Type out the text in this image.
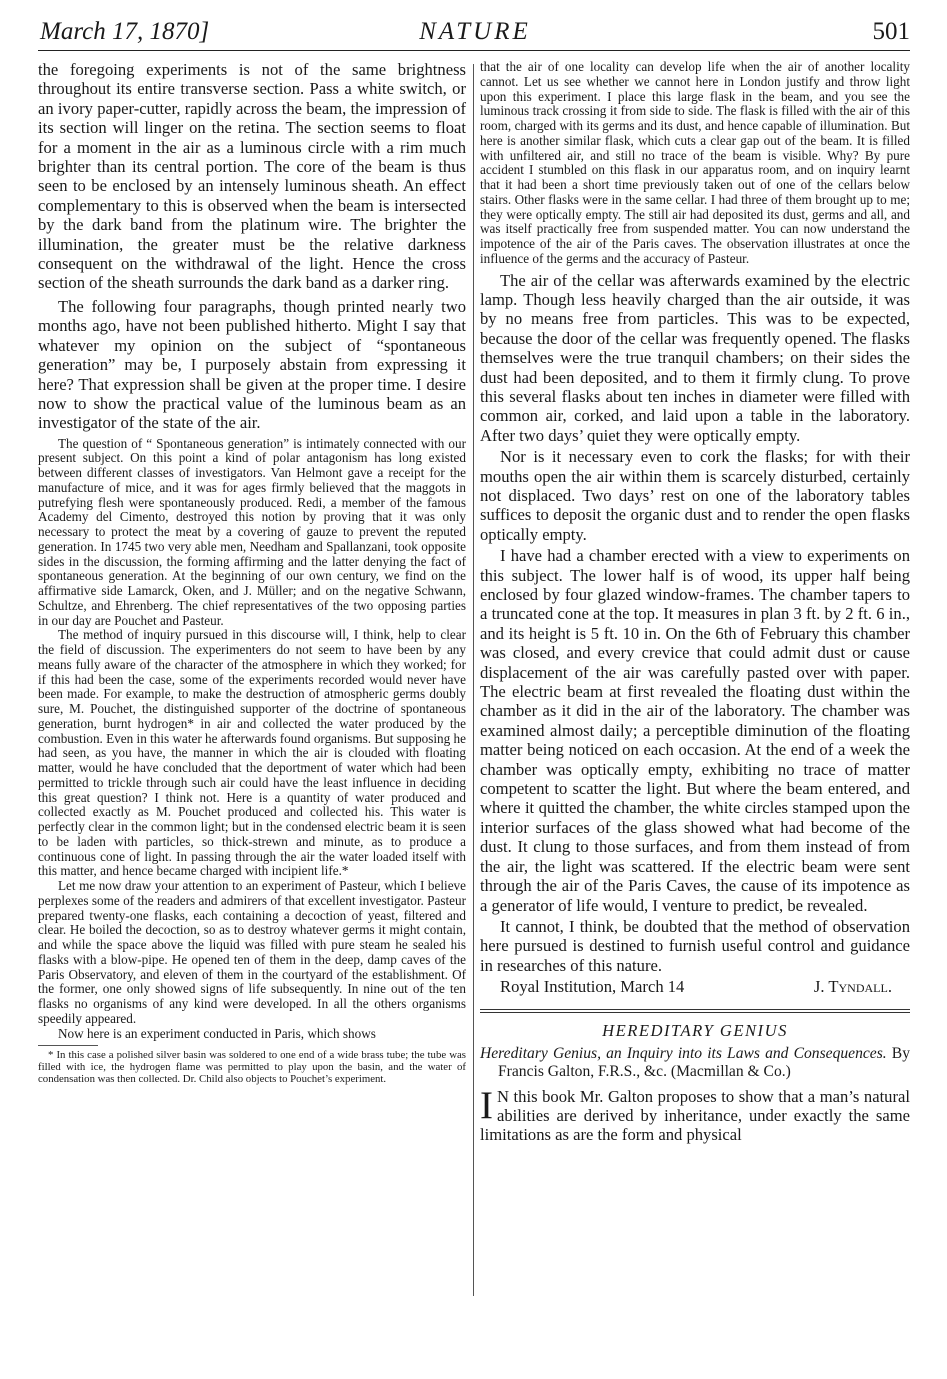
March 17, 1870]	NATURE	501

the foregoing experiments is not of the same brightness throughout its entire transverse section. Pass a white switch, or an ivory paper-cutter, rapidly across the beam, the impression of its section will linger on the retina. The section seems to float for a moment in the air as a luminous circle with a rim much brighter than its central portion. The core of the beam is thus seen to be enclosed by an intensely luminous sheath. An effect complementary to this is observed when the beam is intersected by the dark band from the platinum wire. The brighter the illumination, the greater must be the relative darkness consequent on the withdrawal of the light. Hence the cross section of the sheath surrounds the dark band as a darker ring.

The following four paragraphs, though printed nearly two months ago, have not been published hitherto. Might I say that whatever my opinion on the subject of “spontaneous generation” may be, I purposely abstain from expressing it here? That expression shall be given at the proper time. I desire now to show the practical value of the luminous beam as an investigator of the state of the air.

The question of “ Spontaneous generation” is intimately connected with our present subject. On this point a kind of polar antagonism has long existed between different classes of investigators. Van Helmont gave a receipt for the manufacture of mice, and it was for ages firmly believed that the maggots in putrefying flesh were spontaneously produced. Redi, a member of the famous Academy del Cimento, destroyed this notion by proving that it was only necessary to protect the meat by a covering of gauze to prevent the reputed generation. In 1745 two very able men, Needham and Spallanzani, took opposite sides in the discussion, the forming affirming and the latter denying the fact of spontaneous generation. At the beginning of our own century, we find on the affirmative side Lamarck, Oken, and J. Müller; and on the negative Schwann, Schultze, and Ehrenberg. The chief representatives of the two opposing parties in our day are Pouchet and Pasteur.

The method of inquiry pursued in this discourse will, I think, help to clear the field of discussion. The experimenters do not seem to have been by any means fully aware of the character of the atmosphere in which they worked; for if this had been the case, some of the experiments recorded would never have been made. For example, to make the destruction of atmospheric germs doubly sure, M. Pouchet, the distinguished supporter of the doctrine of spontaneous generation, burnt hydrogen* in air and collected the water produced by the combustion. Even in this water he afterwards found organisms. But supposing he had seen, as you have, the manner in which the air is clouded with floating matter, would he have concluded that the deportment of water which had been permitted to trickle through such air could have the least influence in deciding this great question? I think not. Here is a quantity of water produced and collected exactly as M. Pouchet produced and collected his. This water is perfectly clear in the common light; but in the condensed electric beam it is seen to be laden with particles, so thick-strewn and minute, as to produce a continuous cone of light. In passing through the air the water loaded itself with this matter, and hence became charged with incipient life.*

Let me now draw your attention to an experiment of Pasteur, which I believe perplexes some of the readers and admirers of that excellent investigator. Pasteur prepared twenty-one flasks, each containing a decoction of yeast, filtered and clear. He boiled the decoction, so as to destroy whatever germs it might contain, and while the space above the liquid was filled with pure steam he sealed his flasks with a blow-pipe. He opened ten of them in the deep, damp caves of the Paris Observatory, and eleven of them in the courtyard of the establishment. Of the former, one only showed signs of life subsequently. In nine out of the ten flasks no organisms of any kind were developed. In all the others organisms speedily appeared.

Now here is an experiment conducted in Paris, which shows

* In this case a polished silver basin was soldered to one end of a wide brass tube; the tube was filled with ice, the hydrogen flame was permitted to play upon the basin, and the water of condensation was then collected. Dr. Child also objects to Pouchet’s experiment.

that the air of one locality can develop life when the air of another locality cannot. Let us see whether we cannot here in London justify and throw light upon this experiment. I place this large flask in the beam, and you see the luminous track crossing it from side to side. The flask is filled with the air of this room, charged with its germs and its dust, and hence capable of illumination. But here is another similar flask, which cuts a clear gap out of the beam. It is filled with unfiltered air, and still no trace of the beam is visible. Why? By pure accident I stumbled on this flask in our apparatus room, and on inquiry learnt that it had been a short time previously taken out of one of the cellars below stairs. Other flasks were in the same cellar. I had three of them brought up to me; they were optically empty. The still air had deposited its dust, germs and all, and was itself practically free from suspended matter. You can now understand the impotence of the air of the Paris caves. The observation illustrates at once the influence of the germs and the accuracy of Pasteur.

The air of the cellar was afterwards examined by the electric lamp. Though less heavily charged than the air outside, it was by no means free from particles. This was to be expected, because the door of the cellar was frequently opened. The flasks themselves were the true tranquil chambers; on their sides the dust had been deposited, and to them it firmly clung. To prove this several flasks about ten inches in diameter were filled with common air, corked, and laid upon a table in the laboratory. After two days’ quiet they were optically empty.

Nor is it necessary even to cork the flasks; for with their mouths open the air within them is scarcely disturbed, certainly not displaced. Two days’ rest on one of the laboratory tables suffices to deposit the organic dust and to render the open flasks optically empty.

I have had a chamber erected with a view to experiments on this subject. The lower half is of wood, its upper half being enclosed by four glazed window-frames. The chamber tapers to a truncated cone at the top. It measures in plan 3 ft. by 2 ft. 6 in., and its height is 5 ft. 10 in. On the 6th of February this chamber was closed, and every crevice that could admit dust or cause displacement of the air was carefully pasted over with paper. The electric beam at first revealed the floating dust within the chamber as it did in the air of the laboratory. The chamber was examined almost daily; a perceptible diminution of the floating matter being noticed on each occasion. At the end of a week the chamber was optically empty, exhibiting no trace of matter competent to scatter the light. But where the beam entered, and where it quitted the chamber, the white circles stamped upon the interior surfaces of the glass showed what had become of the dust. It clung to those surfaces, and from them instead of from the air, the light was scattered. If the electric beam were sent through the air of the Paris Caves, the cause of its impotence as a generator of life would, I venture to predict, be revealed.

It cannot, I think, be doubted that the method of observation here pursued is destined to furnish useful control and guidance in researches of this nature.

Royal Institution, March 14	J. Tyndall.
HEREDITARY GENIUS

Hereditary Genius, an Inquiry into its Laws and Consequences. By Francis Galton, F.R.S., &c. (Macmillan & Co.)

I N this book Mr. Galton proposes to show that a man’s natural abilities are derived by inheritance, under exactly the same limitations as are the form and physical
